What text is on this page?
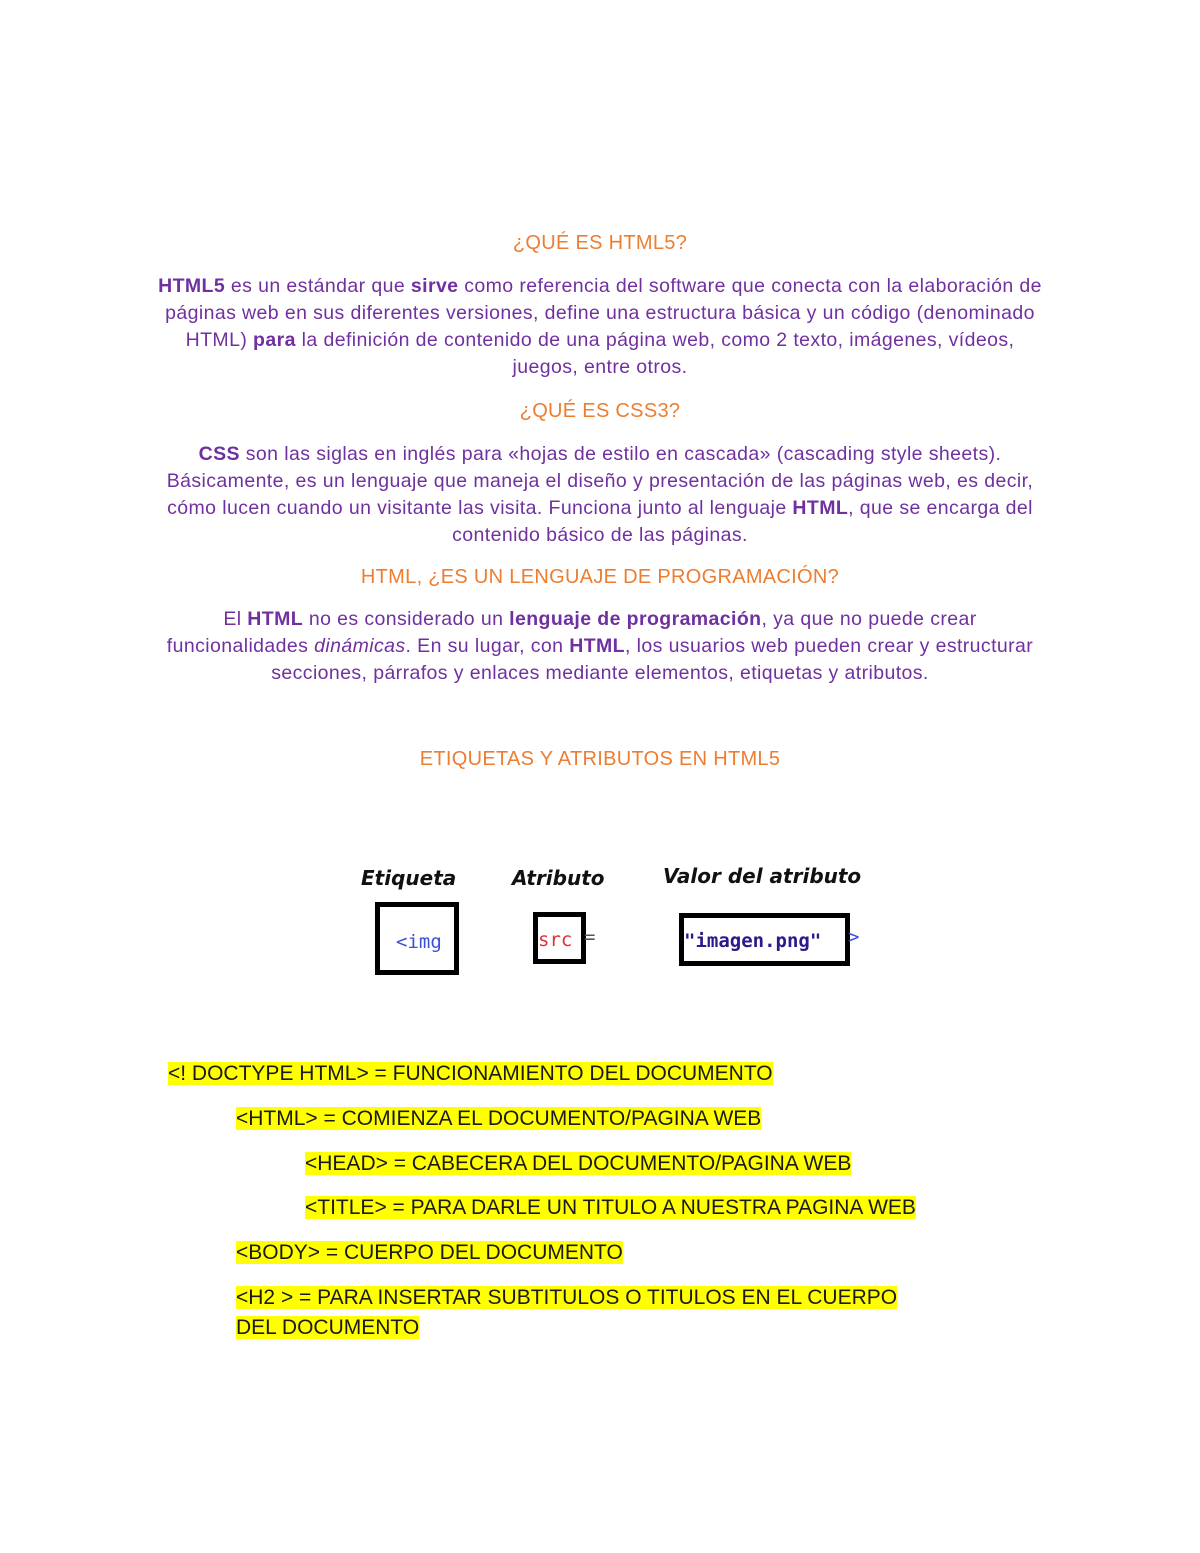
¿QUÉ ES HTML5?
HTML5 es un estándar que sirve como referencia del software que conecta con la elaboración de páginas web en sus diferentes versiones, define una estructura básica y un código (denominado HTML) para la definición de contenido de una página web, como 2 texto, imágenes, vídeos, juegos, entre otros.
¿QUÉ ES CSS3?
CSS son las siglas en inglés para «hojas de estilo en cascada» (cascading style sheets). Básicamente, es un lenguaje que maneja el diseño y presentación de las páginas web, es decir, cómo lucen cuando un visitante las visita. Funciona junto al lenguaje HTML, que se encarga del contenido básico de las páginas.
HTML, ¿ES UN LENGUAJE DE PROGRAMACIÓN?
El HTML no es considerado un lenguaje de programación, ya que no puede crear funcionalidades dinámicas. En su lugar, con HTML, los usuarios web pueden crear y estructurar secciones, párrafos y enlaces mediante elementos, etiquetas y atributos.
ETIQUETAS Y ATRIBUTOS EN HTML5
Etiqueta	Atributo	Valor del atributo
<img	src =	"imagen.png" >
<! DOCTYPE HTML> = FUNCIONAMIENTO DEL DOCUMENTO
<HTML> = COMIENZA EL DOCUMENTO/PAGINA WEB
<HEAD> = CABECERA DEL DOCUMENTO/PAGINA WEB
<TITLE> = PARA DARLE UN TITULO A NUESTRA PAGINA WEB
<BODY> = CUERPO DEL DOCUMENTO
<H2 > = PARA INSERTAR SUBTITULOS O TITULOS EN EL CUERPO
DEL DOCUMENTO
